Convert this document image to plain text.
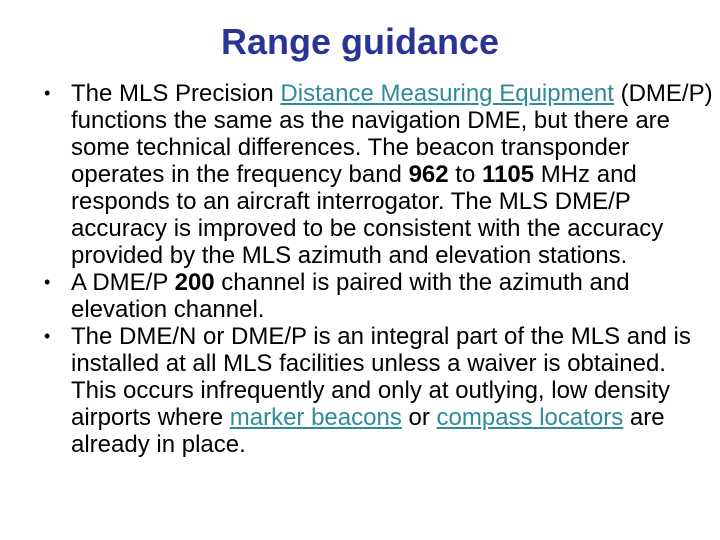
Range guidance
• The MLS Precision Distance Measuring Equipment (DME/P) functions the same as the navigation DME, but there are some technical differences. The beacon transponder operates in the frequency band 962 to 1105 MHz and responds to an aircraft interrogator. The MLS DME/P accuracy is improved to be consistent with the accuracy provided by the MLS azimuth and elevation stations.
• A DME/P 200 channel is paired with the azimuth and elevation channel.
• The DME/N or DME/P is an integral part of the MLS and is installed at all MLS facilities unless a waiver is obtained. This occurs infrequently and only at outlying, low density airports where marker beacons or compass locators are already in place.
